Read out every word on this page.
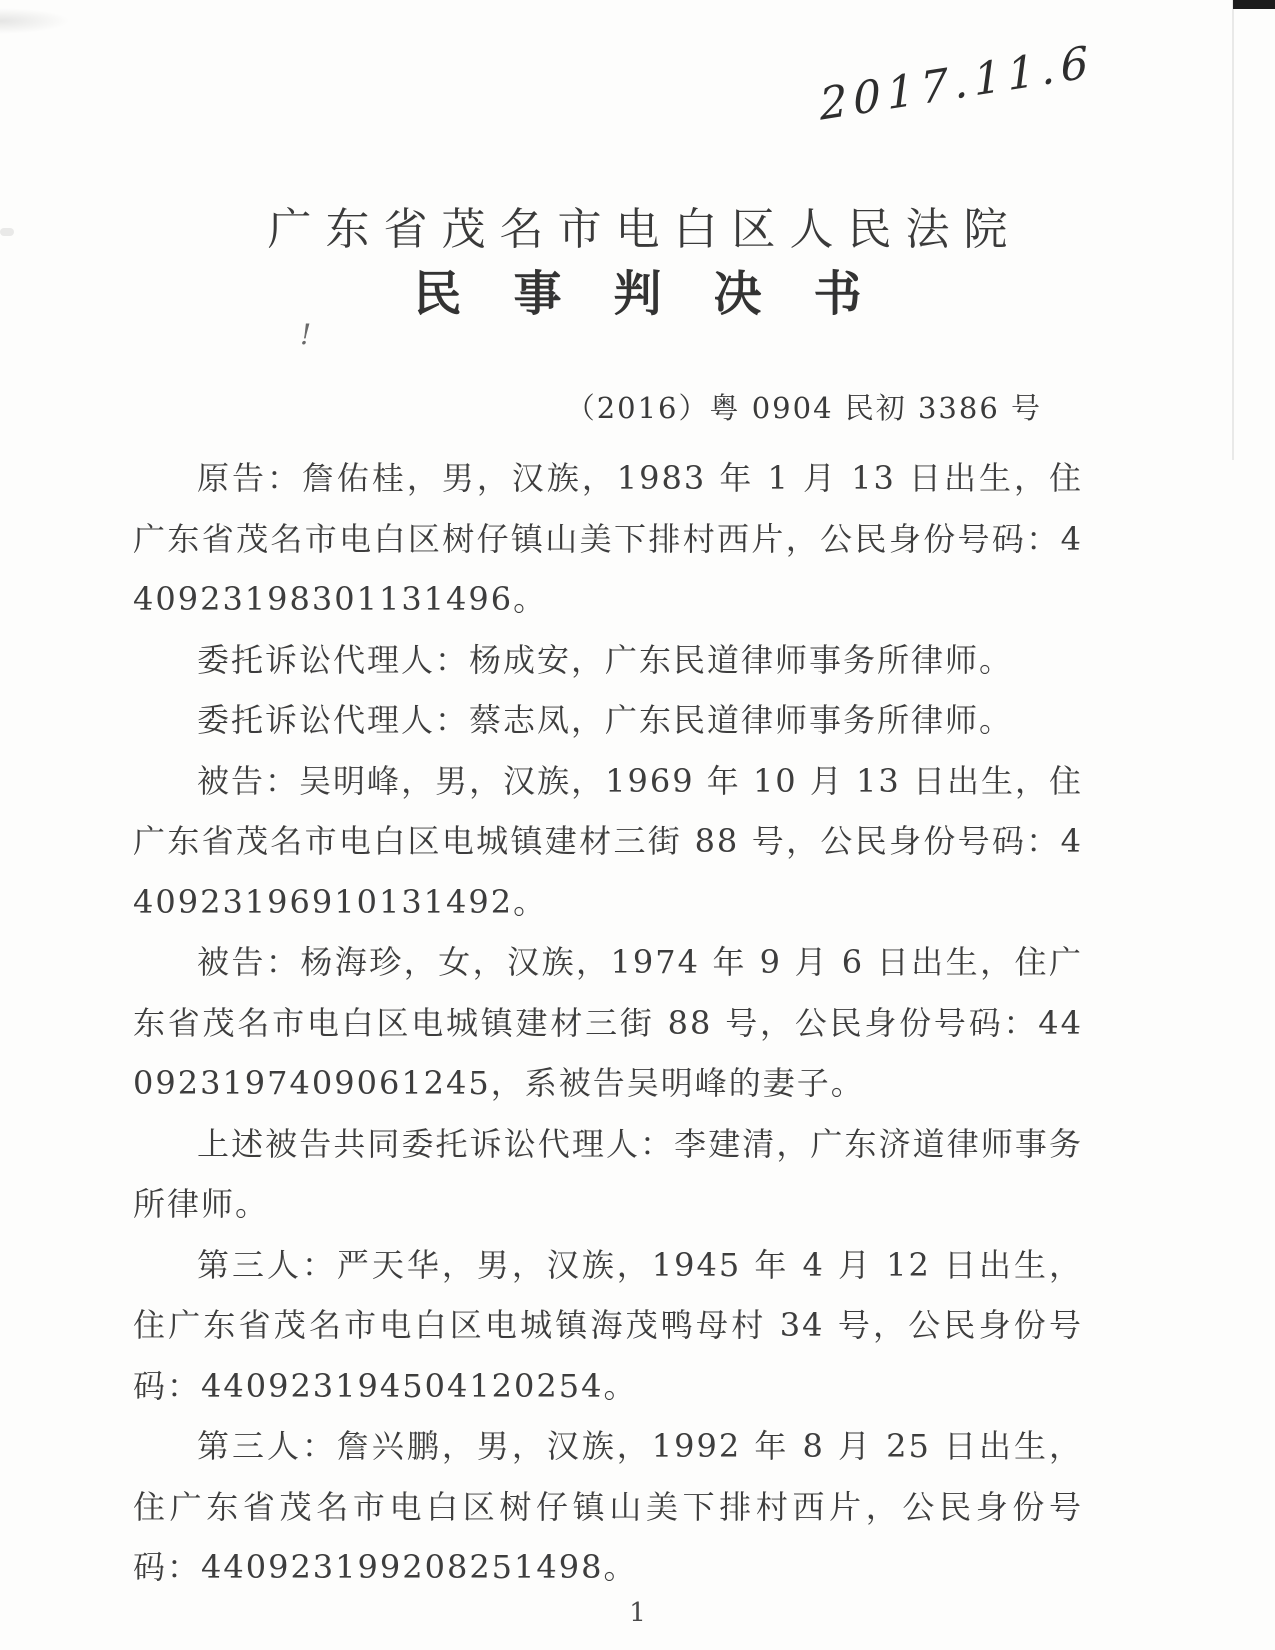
2017.11.6
广东省茂名市电白区人民法院
民事判决书
!
（2016）粤 0904 民初 3386 号

原告：詹佑桂，男，汉族，1983 年 1 月 13 日出生，住广东省茂名市电白区树仔镇山美下排村西片，公民身份号码：440923198301131496。

委托诉讼代理人：杨成安，广东民道律师事务所律师。

委托诉讼代理人：蔡志凤，广东民道律师事务所律师。

被告：吴明峰，男，汉族，1969 年 10 月 13 日出生，住广东省茂名市电白区电城镇建材三街 88 号，公民身份号码：440923196910131492。

被告：杨海珍，女，汉族，1974 年 9 月 6 日出生，住广东省茂名市电白区电城镇建材三街 88 号，公民身份号码：440923197409061245，系被告吴明峰的妻子。

上述被告共同委托诉讼代理人：李建清，广东济道律师事务所律师。

第三人：严天华，男，汉族，1945 年 4 月 12 日出生，住广东省茂名市电白区电城镇海茂鸭母村 34 号，公民身份号码：440923194504120254。

第三人：詹兴鹏，男，汉族，1992 年 8 月 25 日出生，住广东省茂名市电白区树仔镇山美下排村西片，公民身份号码：440923199208251498。

1
